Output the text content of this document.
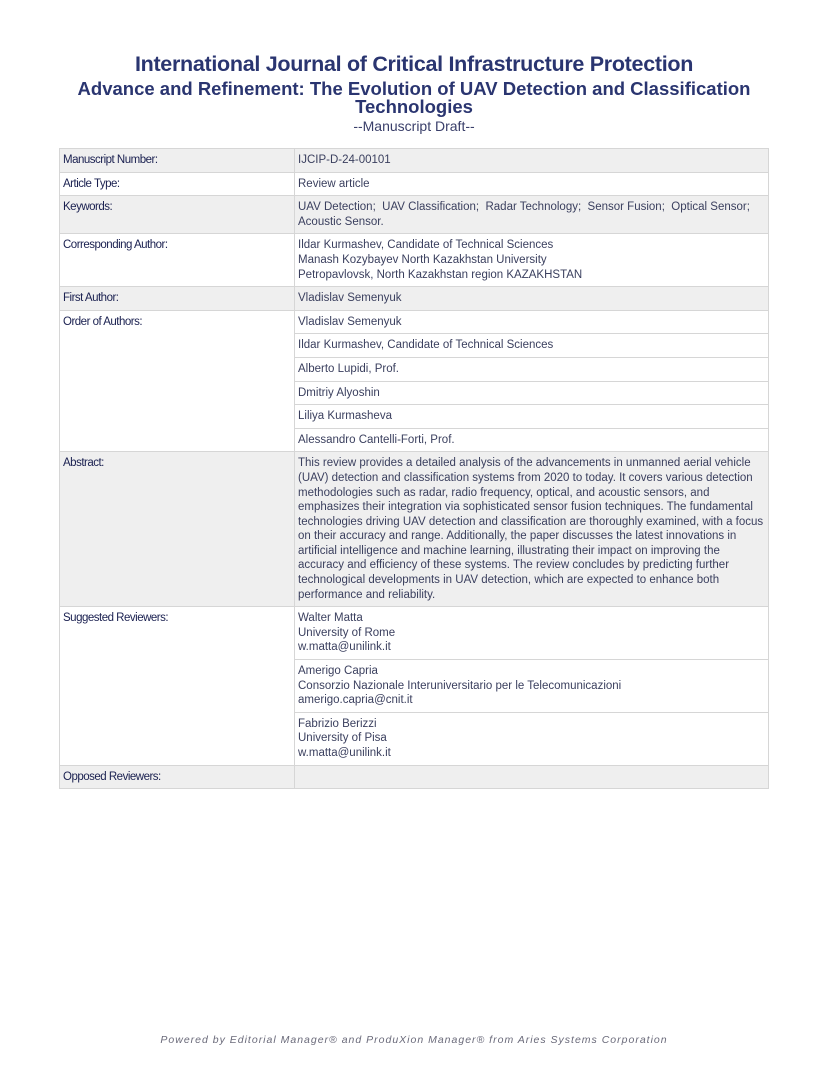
International Journal of Critical Infrastructure Protection
Advance and Refinement: The Evolution of UAV Detection and Classification Technologies
--Manuscript Draft--
Manuscript Number:	IJCIP-D-24-00101
Article Type:	Review article
Keywords:	UAV Detection;  UAV Classification;  Radar Technology;  Sensor Fusion;  Optical Sensor;  Acoustic Sensor.
Corresponding Author:	Ildar Kurmashev, Candidate of Technical Sciences
Manash Kozybayev North Kazakhstan University
Petropavlovsk, North Kazakhstan region KAZAKHSTAN

First Author:	Vladislav Semenyuk
Order of Authors:	Vladislav Semenyuk
	Ildar Kurmashev, Candidate of Technical Sciences
	Alberto Lupidi, Prof.
	Dmitriy Alyoshin
	Liliya Kurmasheva
	Alessandro Cantelli-Forti, Prof.
Abstract:	This review provides a detailed analysis of the advancements in unmanned aerial vehicle (UAV) detection and classification systems from 2020 to today. It covers various detection methodologies such as radar, radio frequency, optical, and acoustic sensors, and emphasizes their integration via sophisticated sensor fusion techniques. The fundamental technologies driving UAV detection and classification are thoroughly examined, with a focus on their accuracy and range. Additionally, the paper discusses the latest innovations in artificial intelligence and machine learning, illustrating their impact on improving the accuracy and efficiency of these systems. The review concludes by predicting further technological developments in UAV detection, which are expected to enhance both performance and reliability.
Suggested Reviewers:	Walter Matta
University of Rome
w.matta@unilink.it

	Amerigo Capria
Consorzio Nazionale Interuniversitario per le Telecomunicazioni
amerigo.capria@cnit.it

	Fabrizio Berizzi
University of Pisa
w.matta@unilink.it

Opposed Reviewers:	
Powered by Editorial Manager® and ProduXion Manager® from Aries Systems Corporation
